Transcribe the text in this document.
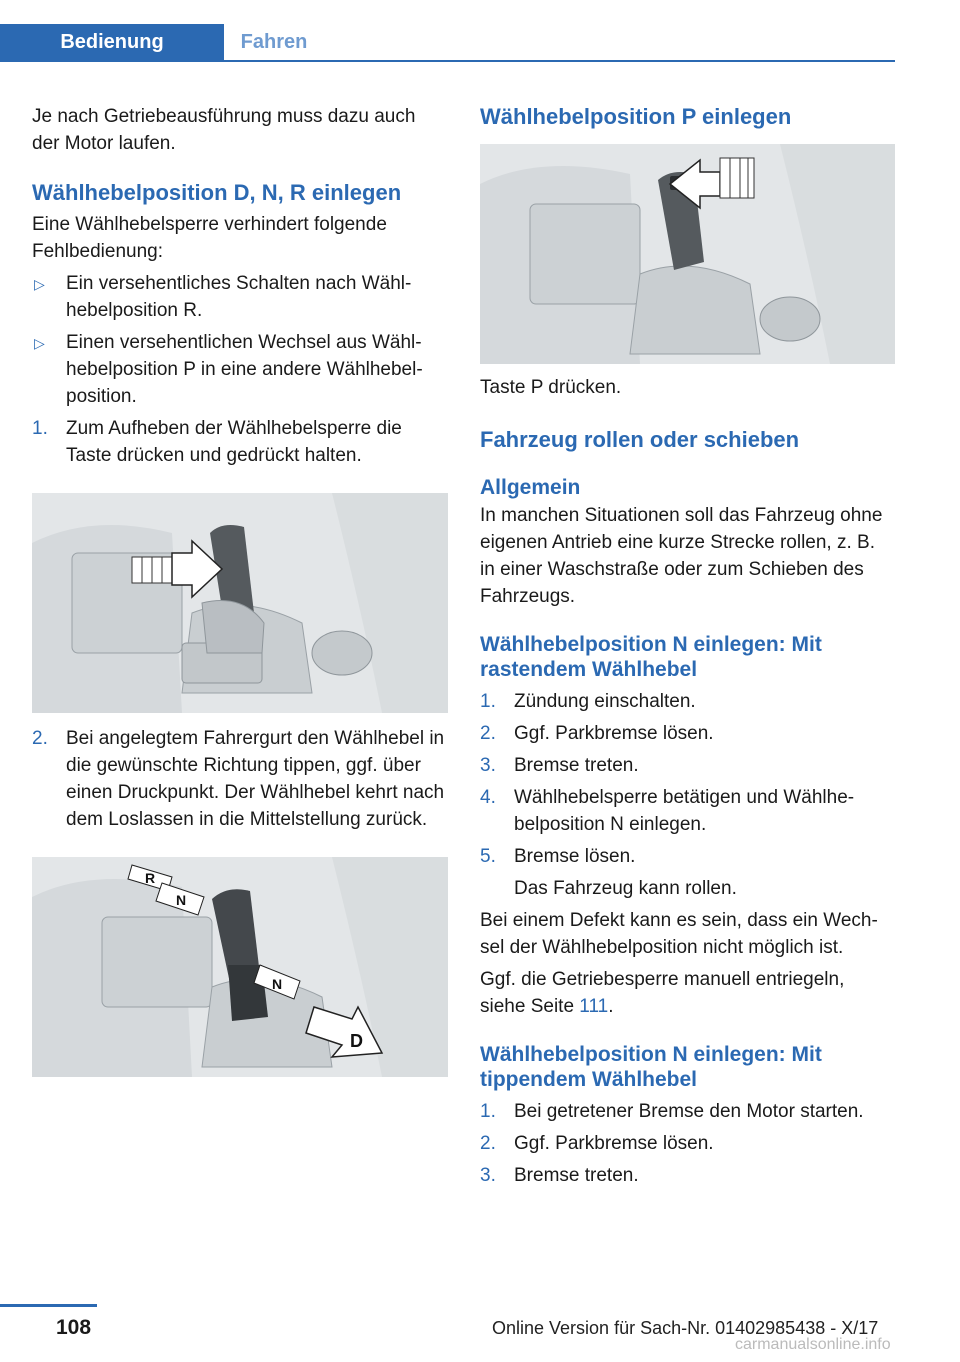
Bedienung	Fahren

Je nach Getriebeausführung muss dazu auch der Motor laufen.

Wählhebelposition D, N, R einlegen

Eine Wählhebelsperre verhindert folgende Fehlbedienung:

▷ Ein versehentliches Schalten nach Wählhebelposition R.
▷ Einen versehentlichen Wechsel aus Wählhebelposition P in eine andere Wählhebelposition.
1. Zum Aufheben der Wählhebelsperre die Taste drücken und gedrückt halten.
2. Bei angelegtem Fahrergurt den Wählhebel in die gewünschte Richtung tippen, ggf. über einen Druckpunkt. Der Wählhebel kehrt nach dem Loslassen in die Mittelstellung zurück.
R
N
N
D
Wählhebelposition P einlegen

Taste P drücken.

Fahrzeug rollen oder schieben
Allgemein

In manchen Situationen soll das Fahrzeug ohne eigenen Antrieb eine kurze Strecke rollen, z. B. in einer Waschstraße oder zum Schieben des Fahrzeugs.

Wählhebelposition N einlegen: Mit rastendem Wählhebel
1. Zündung einschalten.
2. Ggf. Parkbremse lösen.
3. Bremse treten.
4. Wählhebelsperre betätigen und Wählhebelposition N einlegen.
5. Bremse lösen.

Das Fahrzeug kann rollen.

Bei einem Defekt kann es sein, dass ein Wechsel der Wählhebelposition nicht möglich ist.

Ggf. die Getriebesperre manuell entriegeln, siehe Seite 111.

Wählhebelposition N einlegen: Mit tippendem Wählhebel
1. Bei getretener Bremse den Motor starten.
2. Ggf. Parkbremse lösen.
3. Bremse treten.
108	Online Version für Sach-Nr. 01402985438 - X/17
carmanualsonline.info
